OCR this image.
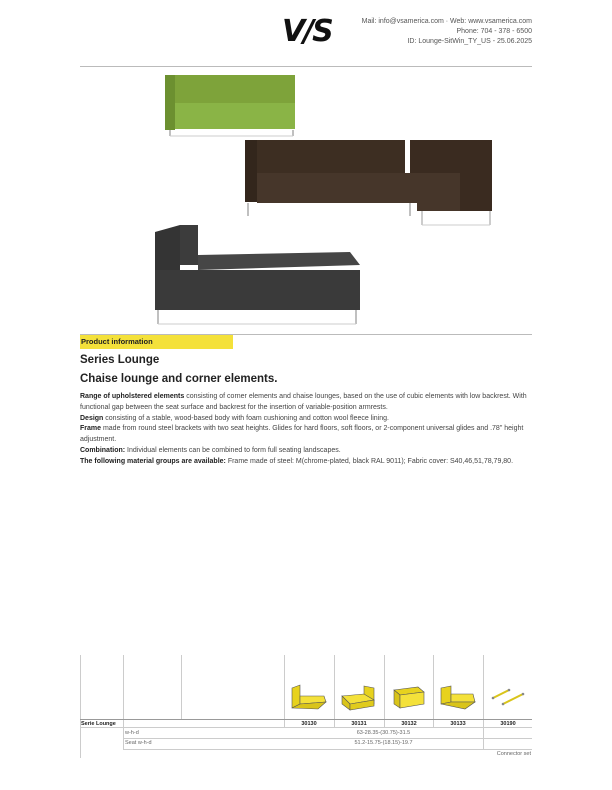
V/S	Mail: info@vsamerica.com · Web: www.vsamerica.com
Phone: 704 - 378 - 6500
ID: Lounge-SitWin_TY_US - 25.06.2025
Product information
Series Lounge
Chaise lounge and corner elements.

Range of upholstered elements consisting of corner elements and chaise lounges, based on the use of cubic elements with low backrest. With functional gap between the seat surface and backrest for the insertion of variable-position armrests.

Design consisting of a stable, wood-based body with foam cushioning and cotton wool fleece lining.

Frame made from round steel brackets with two seat heights. Glides for hard floors, soft floors, or 2-component universal glides and .78" height adjustment.

Combination: Individual elements can be combined to form full seating landscapes.

The following material groups are available: Frame made of steel: M(chrome-plated, black RAL 9011); Fabric cover: S40,46,51,78,79,80.

Serie Lounge	30130	30131	30132	30133	30190
w-h-d	63-28.35-(30.75)-31.5
Seat w-h-d	51.2-15.75-(18.15)-19.7
Connector set
